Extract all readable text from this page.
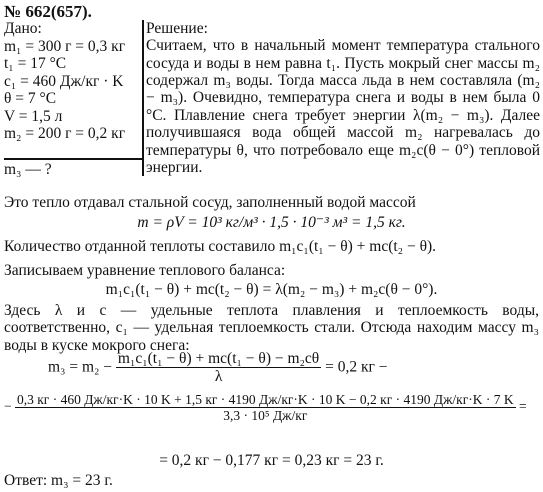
№ 662(657).
Дано:
m₁ = 300 г = 0,3 кг
t₁ = 17 °C
c₁ = 460 Дж/кг · K
θ = 7 °C
V = 1,5 л
m₂ = 200 г = 0,2 кг
m₃ — ?

Решение:

Считаем, что в начальный момент температура стального сосуда и воды в нем равна t₁. Пусть мокрый снег массы m₂ содержал m₃ воды. Тогда масса льда в нем составляла (m₂ − m₃). Очевидно, температура снега и воды в нем была 0 °C. Плавление снега требует энергии λ(m₂ − m₃). Далее получившаяся вода общей массой m₂ нагревалась до температуры θ, что потребовало еще m₂c(θ − 0°) тепловой энергии.

Это тепло отдавал стальной сосуд, заполненный водой массой

m = ρV = 10³ кг/м³ · 1,5 · 10⁻³ м³ = 1,5 кг.

Количество отданной теплоты составило m₁c₁(t₁ − θ) + mc(t₂ − θ).

Записываем уравнение теплового баланса:

m₁c₁(t₁ − θ) + mc(t₂ − θ) = λ(m₂ − m₃) + m₂c(θ − 0°).

Здесь λ и c — удельные теплота плавления и теплоемкость воды, соответственно, c₁ — удельная теплоемкость стали. Отсюда находим массу m₃ воды в куске мокрого снега:

$m_3 = m_2 - \frac{\text{m₁c₁(t₁ − θ) + mc(t₁ − θ) − m₂cθ}}{\lambda} = 0,2$ кг −
− 0,3 кг · 460 Дж/кг·K · 10 K + 1,5 кг · 4190 Дж/кг·K · 10 K − 0,2 кг · 4190 Дж/кг·K · 7 K
3,3 · 10⁵ Дж/кг
=
= 0,2 кг − 0,177 кг = 0,23 кг = 23 г.

Ответ: m₃ = 23 г.
